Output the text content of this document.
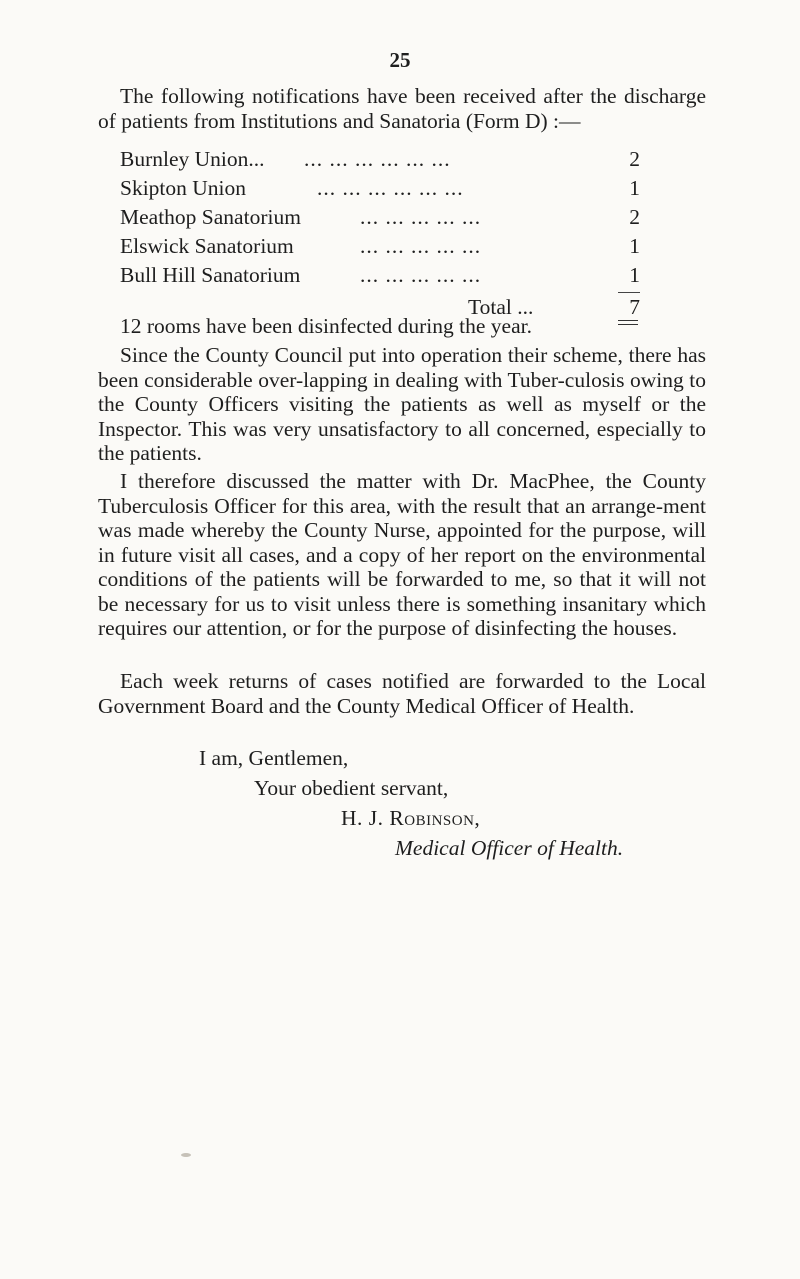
25

The following notifications have been received after the discharge of patients from Institutions and Sanatoria (Form D) :—

Burnley Union... ... ... ... ... ... ...	2
Skipton Union	... ... ... ... ... ...	1
Meathop Sanatorium	... ... ... ... ...	2
Elswick Sanatorium	... ... ... ... ...	1
Bull Hill Sanatorium	... ... ... ... ...	1
Total ...	7

12 rooms have been disinfected during the year.

Since the County Council put into operation their scheme, there has been considerable over-lapping in dealing with Tuber-culosis owing to the County Officers visiting the patients as well as myself or the Inspector. This was very unsatisfactory to all concerned, especially to the patients.

I therefore discussed the matter with Dr. MacPhee, the County Tuberculosis Officer for this area, with the result that an arrange-ment was made whereby the County Nurse, appointed for the purpose, will in future visit all cases, and a copy of her report on the environmental conditions of the patients will be forwarded to me, so that it will not be necessary for us to visit unless there is something insanitary which requires our attention, or for the purpose of disinfecting the houses.

Each week returns of cases notified are forwarded to the Local Government Board and the County Medical Officer of Health.

I am, Gentlemen,
Your obedient servant,
H. J. Robinson,
Medical Officer of Health.
